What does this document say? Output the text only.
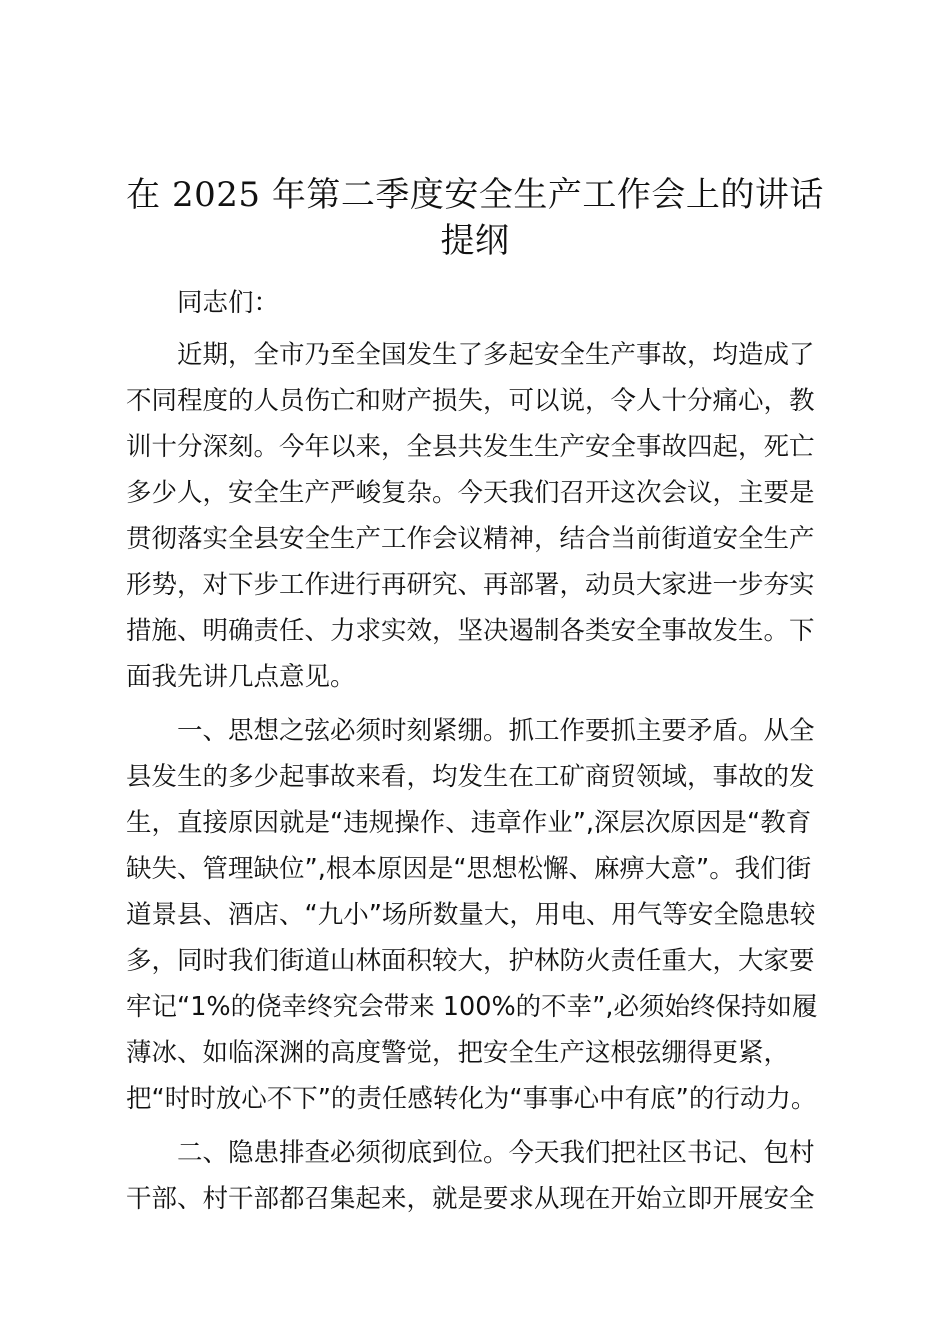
在 2025 年第二季度安全生产工作会上的讲话
提纲

同志们：

近期，全市乃至全国发生了多起安全生产事故，均造成了
不同程度的人员伤亡和财产损失，可以说，令人十分痛心，教
训十分深刻。今年以来，全县共发生生产安全事故四起，死亡
多少人，安全生产严峻复杂。今天我们召开这次会议，主要是
贯彻落实全县安全生产工作会议精神，结合当前街道安全生产
形势，对下步工作进行再研究、再部署，动员大家进一步夯实
措施、明确责任、力求实效，坚决遏制各类安全事故发生。下
面我先讲几点意见。

一、思想之弦必须时刻紧绷。抓工作要抓主要矛盾。从全
县发生的多少起事故来看，均发生在工矿商贸领域，事故的发
生，直接原因就是“违规操作、违章作业”,深层次原因是“教育
缺失、管理缺位”,根本原因是“思想松懈、麻痹大意”。我们街
道景县、酒店、“九小”场所数量大，用电、用气等安全隐患较
多，同时我们街道山林面积较大，护林防火责任重大，大家要
牢记“1%的侥幸终究会带来 100%的不幸”,必须始终保持如履
薄冰、如临深渊的高度警觉，把安全生产这根弦绷得更紧，
把“时时放心不下”的责任感转化为“事事心中有底”的行动力。

二、隐患排查必须彻底到位。今天我们把社区书记、包村
干部、村干部都召集起来，就是要求从现在开始立即开展安全
